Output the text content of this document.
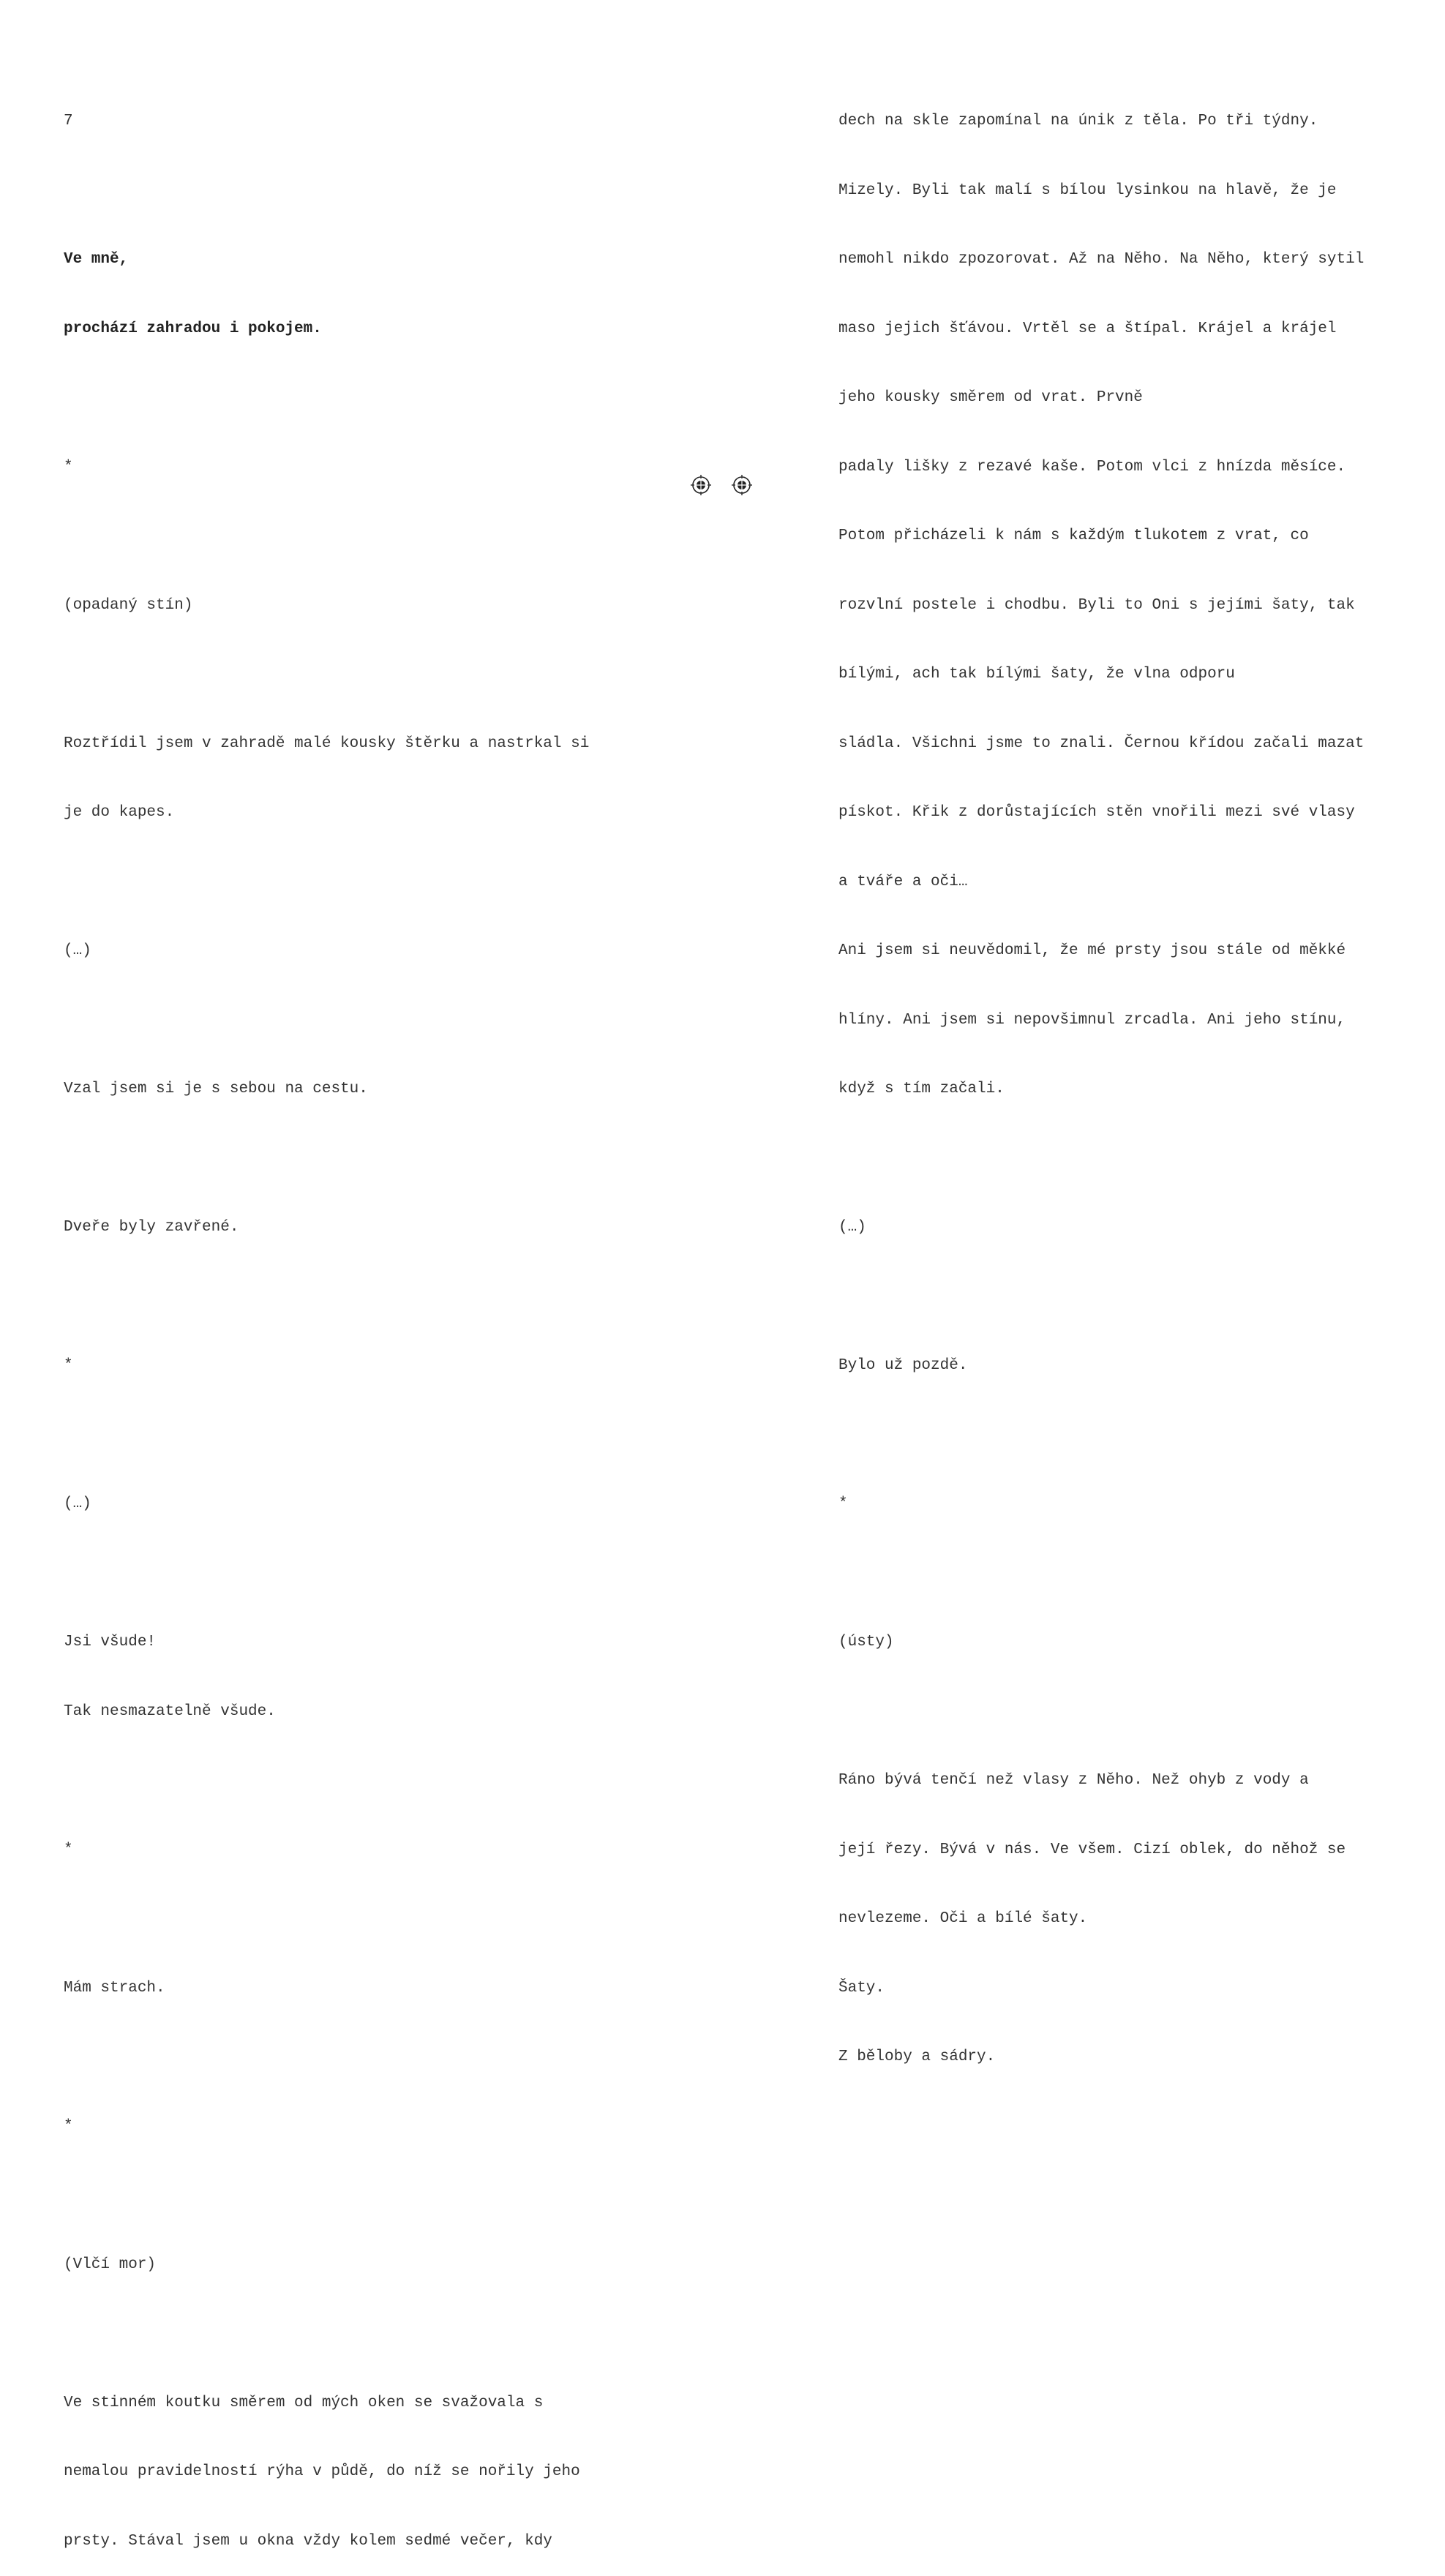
7

Ve mně,

prochází zahradou i pokojem.

*

(opadaný stín)

Roztřídil jsem v zahradě malé kousky štěrku a nastrkal si

je do kapes.

(…)

Vzal jsem si je s sebou na cestu.

Dveře byly zavřené.

*

(…)

Jsi všude!

Tak nesmazatelně všude.

*

Mám strach.

*

(Vlčí mor)

Ve stinném koutku směrem od mých oken se svažovala s

nemalou pravidelností rýha v půdě, do níž se nořily jeho

prsty. Stával jsem u okna vždy kolem sedmé večer, kdy

dech na skle zapomínal na únik z těla. Po tři týdny.

Mizely. Byli tak malí s bílou lysinkou na hlavě, že je

nemohl nikdo zpozorovat. Až na Něho. Na Něho, který sytil

maso jejich šťávou. Vrtěl se a štípal. Krájel a krájel

jeho kousky směrem od vrat. Prvně

padaly lišky z rezavé kaše. Potom vlci z hnízda měsíce.

Potom přicházeli k nám s každým tlukotem z vrat, co

rozvlní postele i chodbu. Byli to Oni s jejími šaty, tak

bílými, ach tak bílými šaty, že vlna odporu

sládla. Všichni jsme to znali. Černou křídou začali mazat

pískot. Křik z dorůstajících stěn vnořili mezi své vlasy

a tváře a oči…

Ani jsem si neuvědomil, že mé prsty jsou stále od měkké

hlíny. Ani jsem si nepovšimnul zrcadla. Ani jeho stínu,

když s tím začali.

(…)

Bylo už pozdě.

*

(ústy)

Ráno bývá tenčí než vlasy z Něho. Než ohyb z vody a

její řezy. Bývá v nás. Ve všem. Cizí oblek, do něhož se

nevlezeme. Oči a bílé šaty.

Šaty.

Z běloby a sádry.
